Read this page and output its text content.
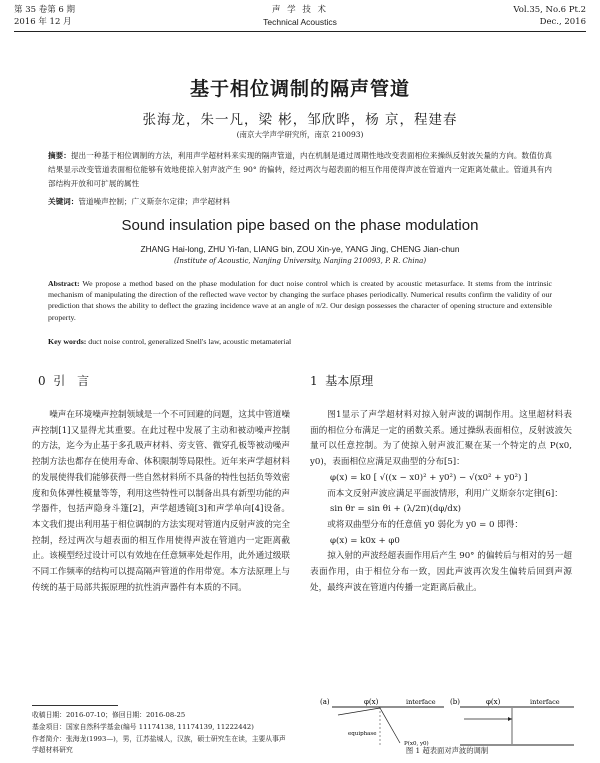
第 35 卷第 6 期
2016 年 12 月
声 学 技 术
Technical Acoustics
Vol.35, No.6 Pt.2
Dec., 2016
基于相位调制的隔声管道
张海龙，朱一凡，梁 彬，邹欣晔，杨 京，程建春
(南京大学声学研究所，南京 210093)
摘要：提出一种基于相位调制的方法，利用声学超材料来实现的隔声管道，内在机制是通过周期性地改变表面相位来操纵反射波矢量的方向。数值仿真结果显示改变管道表面相位能够有效地使掠入射声波产生 90° 的偏转，经过两次与超表面的相互作用使得声波在管道内一定距离处截止。管道具有内部结构开放和可扩展的属性
关键词：管道噪声控制；广义斯奈尔定律；声学超材料
Sound insulation pipe based on the phase modulation
ZHANG Hai-long, ZHU Yi-fan, LIANG bin, ZOU Xin-ye, YANG Jing, CHENG Jian-chun
(Institute of Acoustic, Nanjing University, Nanjing 210093, P. R. China)
Abstract: We propose a method based on the phase modulation for duct noise control which is created by acoustic metasurface. It stems from the intrinsic mechanism of manipulating the direction of the reflected wave vector by changing the surface phases periodically. Numerical results confirm the validity of our prediction that shows the ability to deflect the grazing incidence wave at an angle of π/2. Our design possesses the character of opening structure and extensible property.
Key words: duct noise control, generalized Snell's law, acoustic metamaterial
0 引 言	1 基本原理

噪声在环境噪声控制领域是一个不可回避的问题，这其中管道噪声控制[1]又显得尤其重要。在此过程中发展了主动和被动噪声控制的方法，迄今为止基于多孔吸声材料、旁支管、微穿孔板等被动噪声控制方法也都存在使用寿命、体积限制等局限性。近年来声学超材料的发展使得我们能够获得一些自然材料所不具备的特性包括负等效密度和负体弹性模量等等，利用这些特性可以制备出具有新型功能的声学器件，包括声隐身斗篷[2]，声学超透镜[3]和声学单向[4]设备。本文我们提出利用基于相位调制的方法实现对管道内反射声波的完全控制，经过两次与超表面的相互作用使得声波在管道内一定距离截止。该模型经过设计可以有效地在任意频率处起作用，此外通过级联不同工作频率的结构可以提高隔声管道的作用带宽。本方法原理上与传统的基于局部共振原理的抗性消声器件有本质的不同。

图1显示了声学超材料对掠入射声波的调制作用。这里超材料表面的相位分布满足一定的函数关系。通过操纵表面相位，反射波波矢量可以任意控制。为了使掠入射声波汇聚在某一个特定的点 P(x0, y0)，表面相位应满足双曲型的分布[5]：

φ(x) = k0 [ √((x − x0)² + y0²) − √(x0² + y0²) ]

而本文反射声波应满足平面波情形，利用广义斯奈尔定律[6]：

sin θr = sin θi + (λ/2π)(dφ/dx)

或将双曲型分布的任意值 y0 弱化为 y0 = 0 即得：

φ(x) = k0x + φ0

掠入射的声波经超表面作用后产生 90° 的偏转后与相对的另一超表面作用，由于相位分布一致，因此声波再次发生偏转后回到声源处，最终声波在管道内传播一定距离后截止。

(a)	φ(x)	interface
equiphase
P(x0, y0)
(b)	φ(x)	interface
图 1 超表面对声波的调制
收稿日期：2016-07-10；修回日期：2016-08-25
基金项目：国家自然科学基金(编号 11174138, 11174139, 11222442)
作者简介：张海龙(1993—)，男，江苏盐城人，汉族，硕士研究生在读，主要从事声学超材料研究
